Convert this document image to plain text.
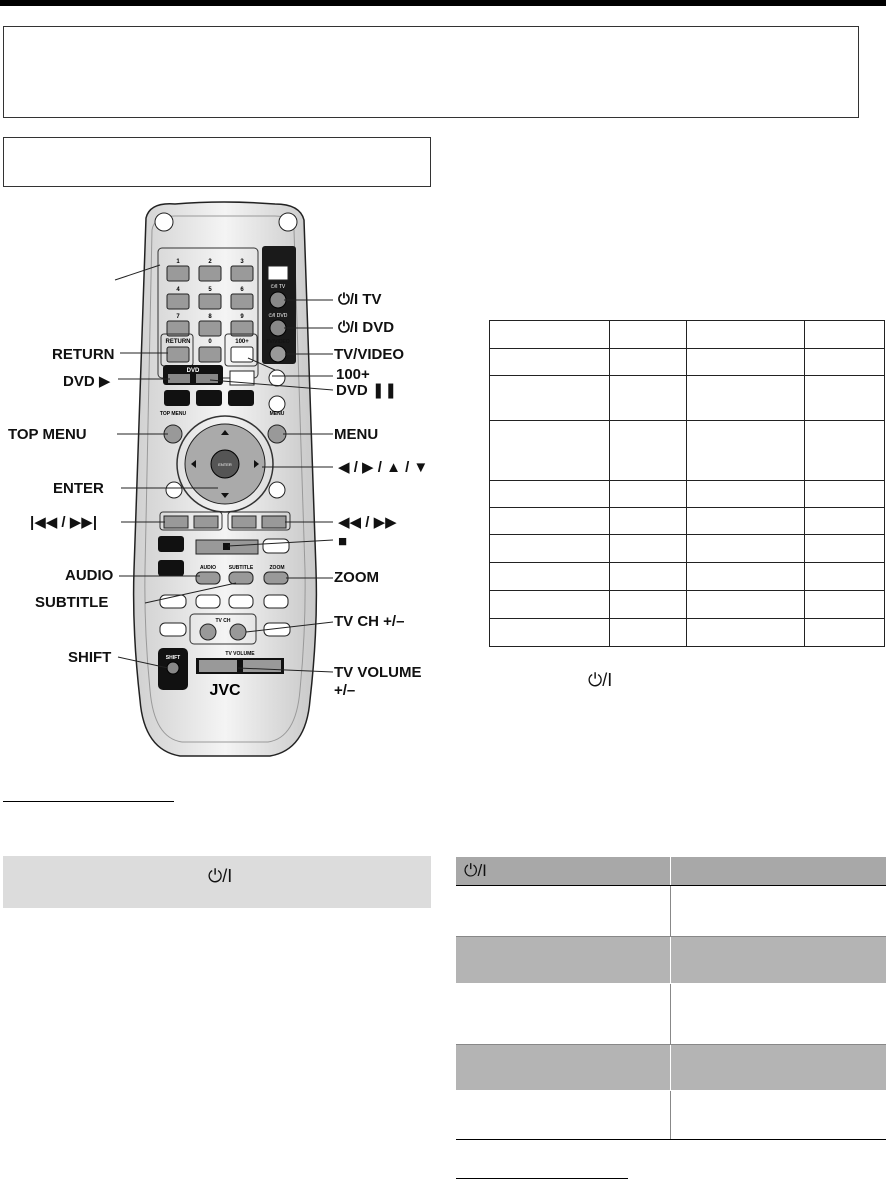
⏻/I TV
⏻/I DVD
TV/VIDEO
1	2	3
4	5	6
7	8	9
RETURN	0	100+
DVD
TOP MENU	MENU
ENTER
AUDIO	SUBTITLE	ZOOM
TV CH
SHIFT
TV VOLUME
JVC
RETURN
DVD ▶
TOP MENU
ENTER
|◀◀ / ▶▶|
AUDIO
SUBTITLE
SHIFT
⏻/I TV
⏻/I DVD
TV/VIDEO
100+
DVD ❚❚
MENU
◀ / ▶ / ▲ / ▼
◀◀ / ▶▶
■
ZOOM
TV CH +/–
TV VOLUME
+/–

⏻/I
⏻/I	⏻/I
